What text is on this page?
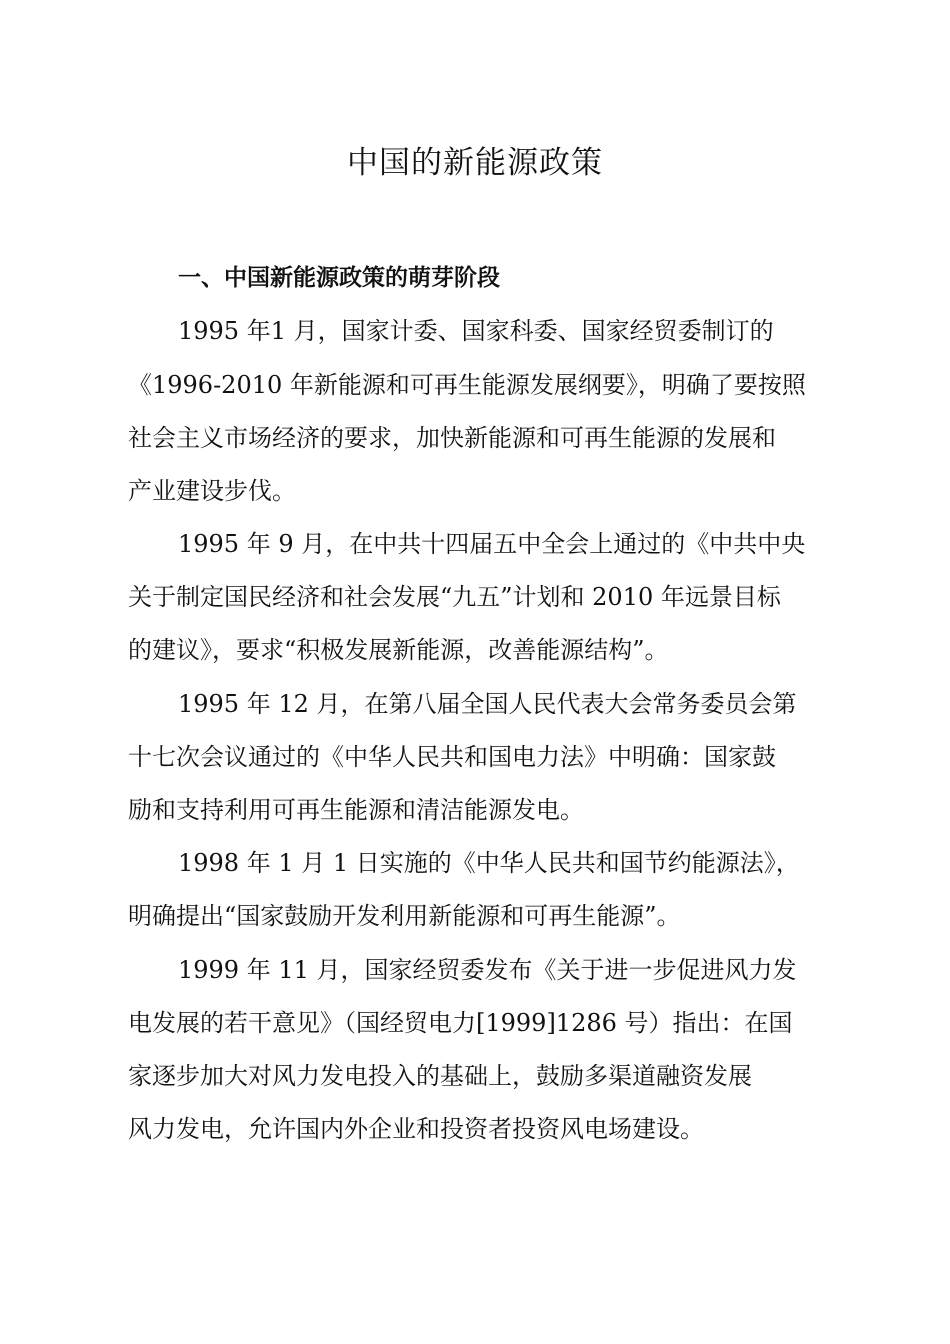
中国的新能源政策
一、中国新能源政策的萌芽阶段

1995 年1 月，国家计委、国家科委、国家经贸委制订的

《1996-2010 年新能源和可再生能源发展纲要》，明确了要按照

社会主义市场经济的要求，加快新能源和可再生能源的发展和

产业建设步伐。

1995 年 9 月，在中共十四届五中全会上通过的《中共中央

关于制定国民经济和社会发展“九五”计划和 2010 年远景目标

的建议》，要求“积极发展新能源，改善能源结构”。

1995 年 12 月，在第八届全国人民代表大会常务委员会第

十七次会议通过的《中华人民共和国电力法》中明确：国家鼓

励和支持利用可再生能源和清洁能源发电。

1998 年 1 月 1 日实施的《中华人民共和国节约能源法》，

明确提出“国家鼓励开发利用新能源和可再生能源”。

1999 年 11 月，国家经贸委发布《关于进一步促进风力发

电发展的若干意见》（国经贸电力[1999]1286 号）指出：在国

家逐步加大对风力发电投入的基础上，鼓励多渠道融资发展

风力发电，允许国内外企业和投资者投资风电场建设。
